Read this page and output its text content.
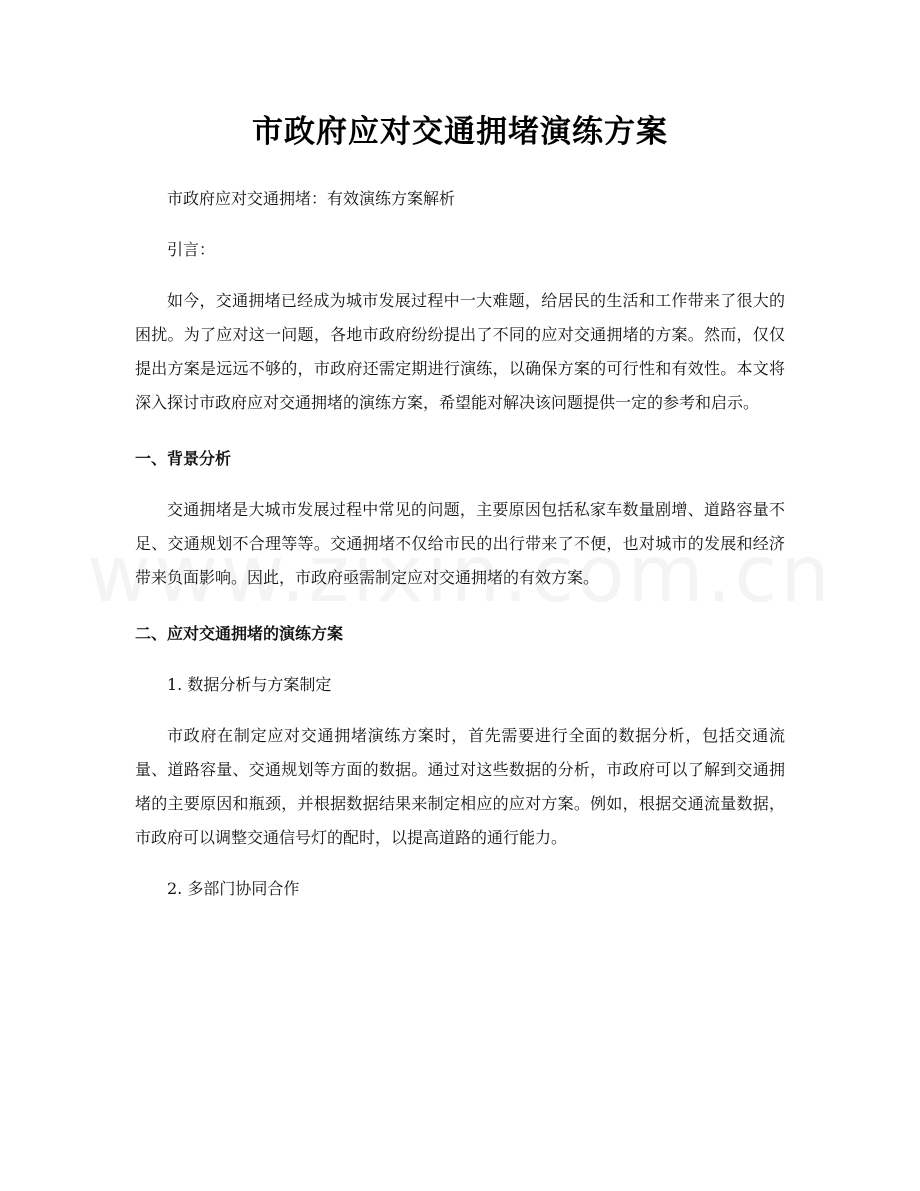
市政府应对交通拥堵演练方案

市政府应对交通拥堵：有效演练方案解析

引言：

如今，交通拥堵已经成为城市发展过程中一大难题，给居民的生活和工作带来了很大的困扰。为了应对这一问题，各地市政府纷纷提出了不同的应对交通拥堵的方案。然而，仅仅提出方案是远远不够的，市政府还需定期进行演练，以确保方案的可行性和有效性。本文将深入探讨市政府应对交通拥堵的演练方案，希望能对解决该问题提供一定的参考和启示。

一、背景分析

交通拥堵是大城市发展过程中常见的问题，主要原因包括私家车数量剧增、道路容量不足、交通规划不合理等等。交通拥堵不仅给市民的出行带来了不便，也对城市的发展和经济带来负面影响。因此，市政府亟需制定应对交通拥堵的有效方案。

二、应对交通拥堵的演练方案

1. 数据分析与方案制定

市政府在制定应对交通拥堵演练方案时，首先需要进行全面的数据分析，包括交通流量、道路容量、交通规划等方面的数据。通过对这些数据的分析，市政府可以了解到交通拥堵的主要原因和瓶颈，并根据数据结果来制定相应的应对方案。例如，根据交通流量数据，市政府可以调整交通信号灯的配时，以提高道路的通行能力。

2. 多部门协同合作
